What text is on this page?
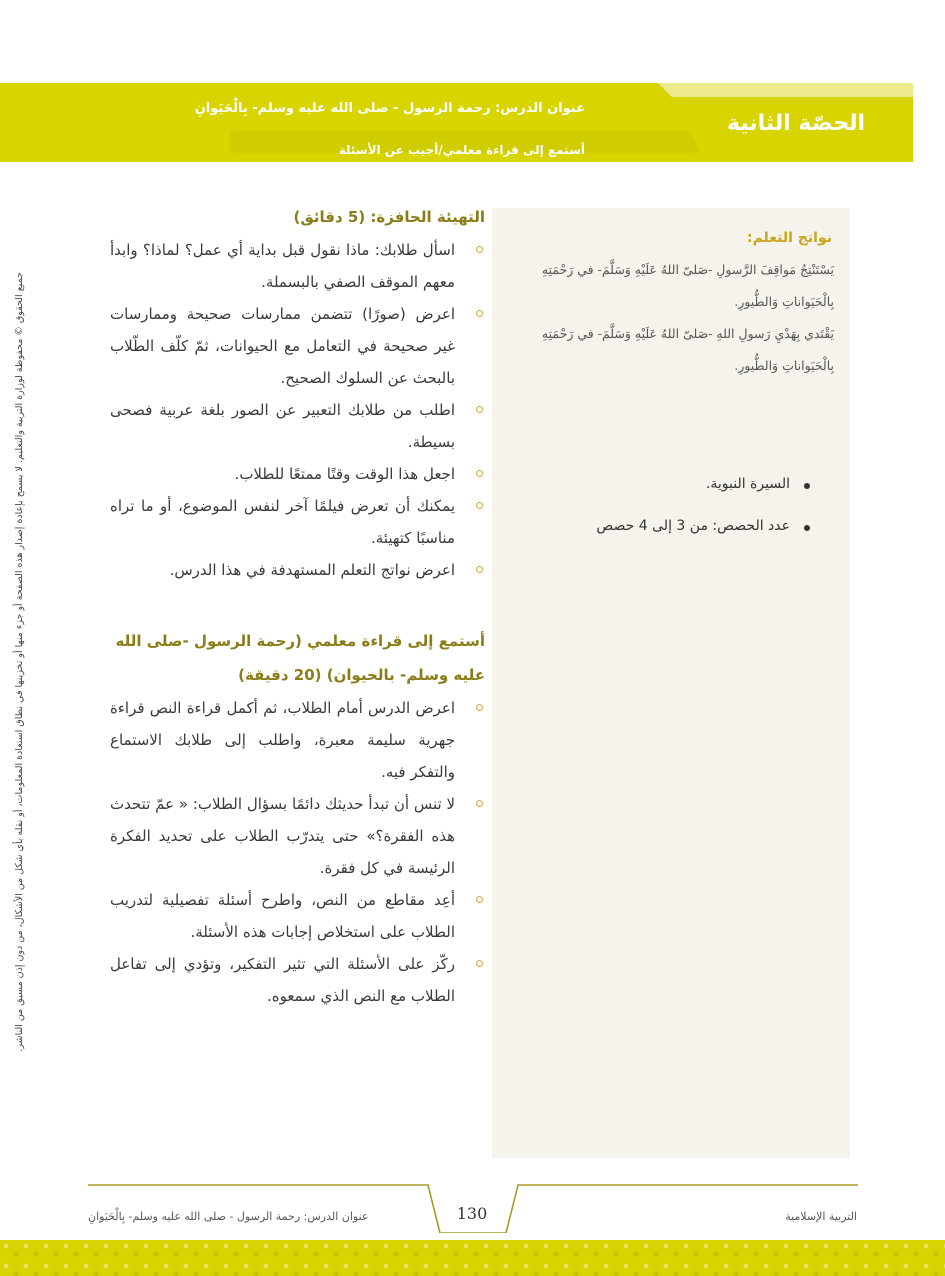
الحصّة الثانية
عنوان الدرس: رحمة الرسول - صلى الله عليه وسلم- بِالْحَيَوانِ
أستمع إلى قراءة معلمي/أجيب عن الأسئلة
جميع الحقوق © محفوظة لوزارة التربية والتعليم. لا يسمح بإعادة إصدار هذه الصفحة أو جزء منها أو تخزينها في نطاق استعادة المعلومات، أو نقله بأي شكل من الأشكال، من دون إذن مسبق من الناشر.
نواتج التعلم:
يَسْتَنْتِجُ مَواقِفَ الرَّسولِ -صَلىّ اللهُ عَلَيْهِ وَسَلَّمَ- في رَحْمَتِهِ
بِالْحَيَواناتِ وَالطُّيورِ.
يَقْتَدي بِهَدْيِ رَسولِ اللهِ -صَلىّ اللهُ عَلَيْهِ وَسَلَّمَ- في رَحْمَتِهِ
بِالْحَيَواناتِ وَالطُّيورِ.
السيرة النبوية.
عدد الحصص: من 3 إلى 4 حصص
التهيئة الحافزة: (5 دقائق)
اسأل طلابك: ماذا نقول قبل بداية أي عمل؟ لماذا؟ وابدأ معهم الموقف الصفي بالبسملة.
اعرض (صورًا) تتضمن ممارسات صحيحة وممارسات غير صحيحة في التعامل مع الحيوانات، ثمّ كلّف الطّلاب بالبحث عن السلوك الصحيح.
اطلب من طلابك التعبير عن الصور بلغة عربية فصحى بسيطة.
اجعل هذا الوقت وقتًا ممتعًا للطلاب.
يمكنك أن تعرض فيلمًا آخر لنفس الموضوع، أو ما تراه مناسبًا كتهيئة.
اعرض نواتج التعلم المستهدفة في هذا الدرس.
أستمع إلى قراءة معلمي (رحمة الرسول -صلى الله عليه وسلم- بالحيوان) (20 دقيقة)
اعرض الدرس أمام الطلاب، ثم أكمل قراءة النص قراءة جهرية سليمة معبرة، واطلب إلى طلابك الاستماع والتفكر فيه.
لا تنس أن تبدأ حديثك دائمًا بسؤال الطلاب: « عمّ تتحدث هذه الفقرة؟» حتى يتدرّب الطلاب على تحديد الفكرة الرئيسة في كل فقرة.
أعِد مقاطع من النص، واطرح أسئلة تفصيلية لتدريب الطلاب على استخلاص إجابات هذه الأسئلة.
ركّز على الأسئلة التي تثير التفكير، وتؤدي إلى تفاعل الطلاب مع النص الذي سمعوه.
عنوان الدرس: رحمة الرسول - صلى الله عليه وسلم- بِالْحَيَوانِ	130	التربية الإسلامية
